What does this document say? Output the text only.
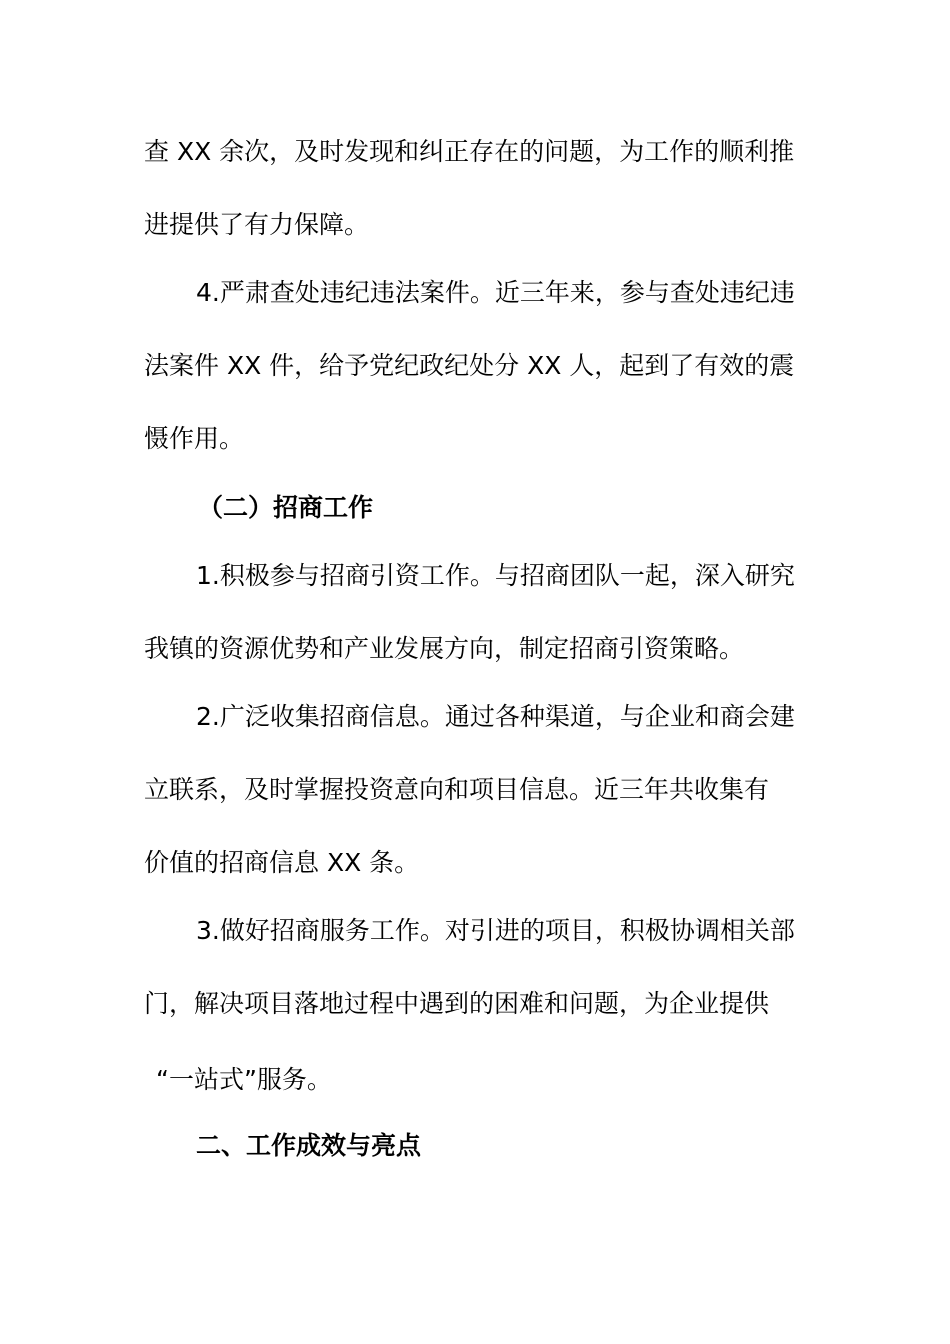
查 XX 余次，及时发现和纠正存在的问题，为工作的顺利推
进提供了有力保障。
4.严肃查处违纪违法案件。近三年来，参与查处违纪违
法案件 XX 件，给予党纪政纪处分 XX 人，起到了有效的震
慑作用。
（二）招商工作
1.积极参与招商引资工作。与招商团队一起，深入研究
我镇的资源优势和产业发展方向，制定招商引资策略。
2.广泛收集招商信息。通过各种渠道，与企业和商会建
立联系，及时掌握投资意向和项目信息。近三年共收集有
价值的招商信息 XX 条。
3.做好招商服务工作。对引进的项目，积极协调相关部
门，解决项目落地过程中遇到的困难和问题，为企业提供
“一站式”服务。
二、工作成效与亮点
